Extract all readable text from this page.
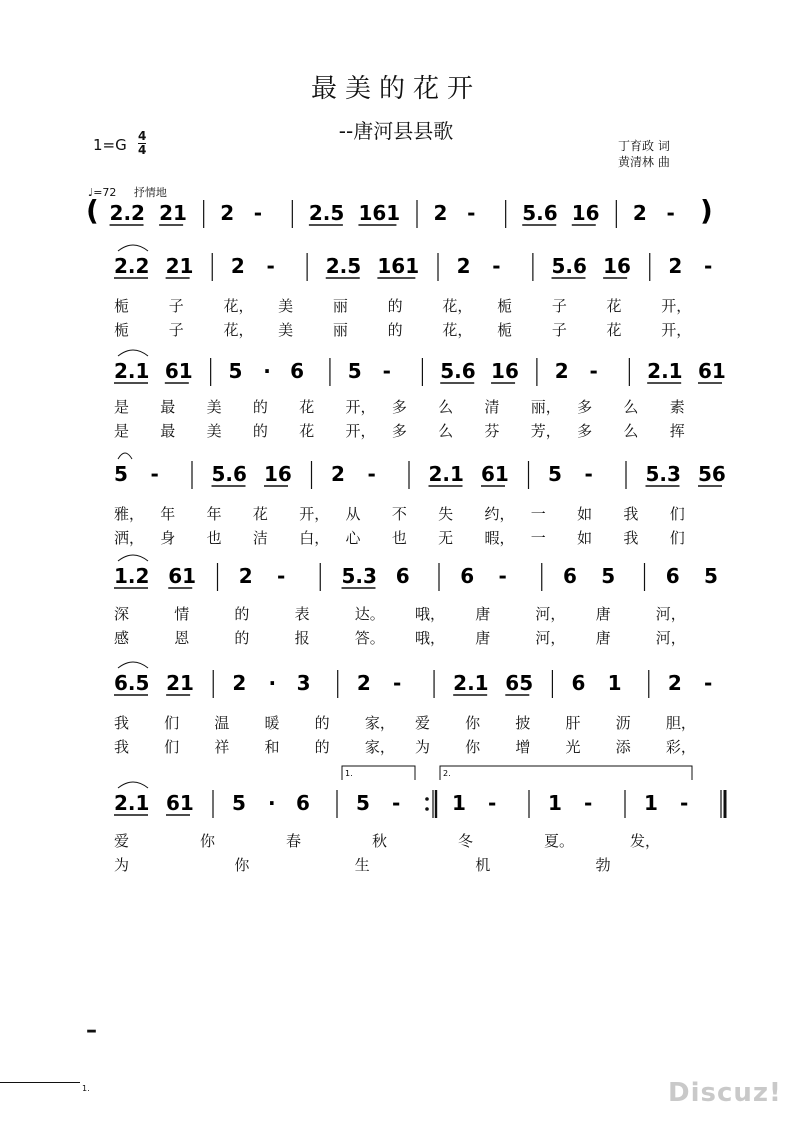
最美的花开
--唐河县县歌
1=G 4
4	丁育政 词
黄清林 曲
♩=72 抒情地
( 2.2 21 2 - 2.5 161 2 - 5.6 16 2 - )
2.2 21 2 -	2.5 161 2 -	5.6 16 2 -
2.1 61 5 · 6 5 - 5.6 16 2 - 2.1 61
5 -	5.6 16 2 -	2.1 61 5 -	5.3 56
1.2 61 2 -	5.3 6	6 -	6 5	6 5
6.5 21 2 · 3 2 -	2.1 65 6 1 2 -
2.1 61 5 · 6 5 -	1 -	1 -	1 -
1.	2.
栀	子	花， 美	丽	的	花， 栀	子	花	开，
栀	子	花， 美	丽	的	花， 栀	子	花	开，
是 最 美 的 花 开， 多 么 清 丽， 多 么 素
是 最 美 的 花 开， 多 么 芬 芳， 多 么 挥
雅， 年 年 花 开， 从 不 失 约， 一 如 我 们
洒， 身 也 洁 白， 心 也 无 暇， 一 如 我 们
深	情	的	表	达。 哦， 唐	河， 唐	河，
感	恩	的	报	答。 哦， 唐	河， 唐	河，
我 们 温 暖 的 家， 爱 你 披 肝 沥 胆，
我 们 祥 和 的 家， 为 你 增 光 添 彩，
爱	你	春	秋	冬	夏。	发，
为	你	生	机	勃
–
1.	Discuz!
